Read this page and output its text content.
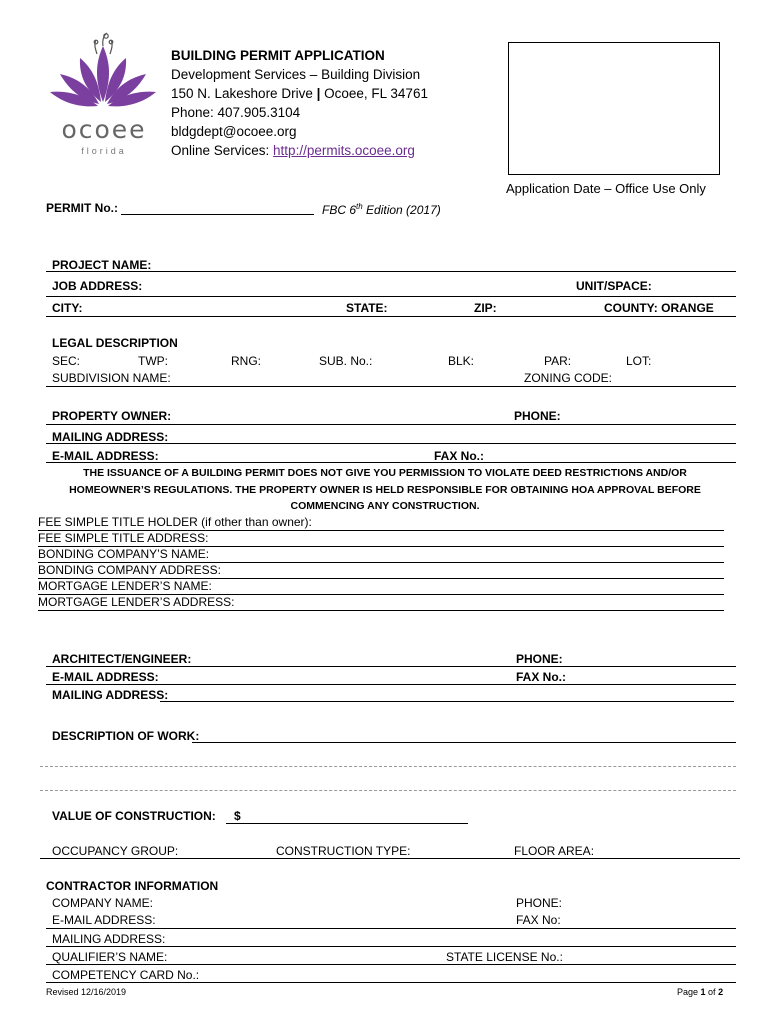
ocoee
florida
BUILDING PERMIT APPLICATION
Development Services – Building Division
150 N. Lakeshore Drive | Ocoee, FL 34761
Phone: 407.905.3104
bldgdept@ocoee.org
Online Services: http://permits.ocoee.org
Application Date – Office Use Only
PERMIT No.:	FBC 6th Edition (2017)
PROJECT NAME:
JOB ADDRESS:	UNIT/SPACE:
CITY:	STATE:	ZIP:	COUNTY: ORANGE
LEGAL DESCRIPTION
SEC:	TWP:	RNG:	SUB. No.:	BLK:	PAR:	LOT:
SUBDIVISION NAME:	ZONING CODE:
PROPERTY OWNER:	PHONE:
MAILING ADDRESS:
E-MAIL ADDRESS:	FAX No.:
THE ISSUANCE OF A BUILDING PERMIT DOES NOT GIVE YOU PERMISSION TO VIOLATE DEED RESTRICTIONS AND/OR
HOMEOWNER’S REGULATIONS. THE PROPERTY OWNER IS HELD RESPONSIBLE FOR OBTAINING HOA APPROVAL BEFORE
COMMENCING ANY CONSTRUCTION.
FEE SIMPLE TITLE HOLDER (if other than owner):
FEE SIMPLE TITLE ADDRESS:
BONDING COMPANY’S NAME:
BONDING COMPANY ADDRESS:
MORTGAGE LENDER’S NAME:
MORTGAGE LENDER’S ADDRESS:
ARCHITECT/ENGINEER:	PHONE:
E-MAIL ADDRESS:	FAX No.:
MAILING ADDRESS:
DESCRIPTION OF WORK:
VALUE OF CONSTRUCTION: $
OCCUPANCY GROUP:	CONSTRUCTION TYPE:	FLOOR AREA:
CONTRACTOR INFORMATION
COMPANY NAME:	PHONE:
E-MAIL ADDRESS:	FAX No:
MAILING ADDRESS:
QUALIFIER’S NAME:	STATE LICENSE No.:
COMPETENCY CARD No.:
Revised 12/16/2019	Page 1 of 2
